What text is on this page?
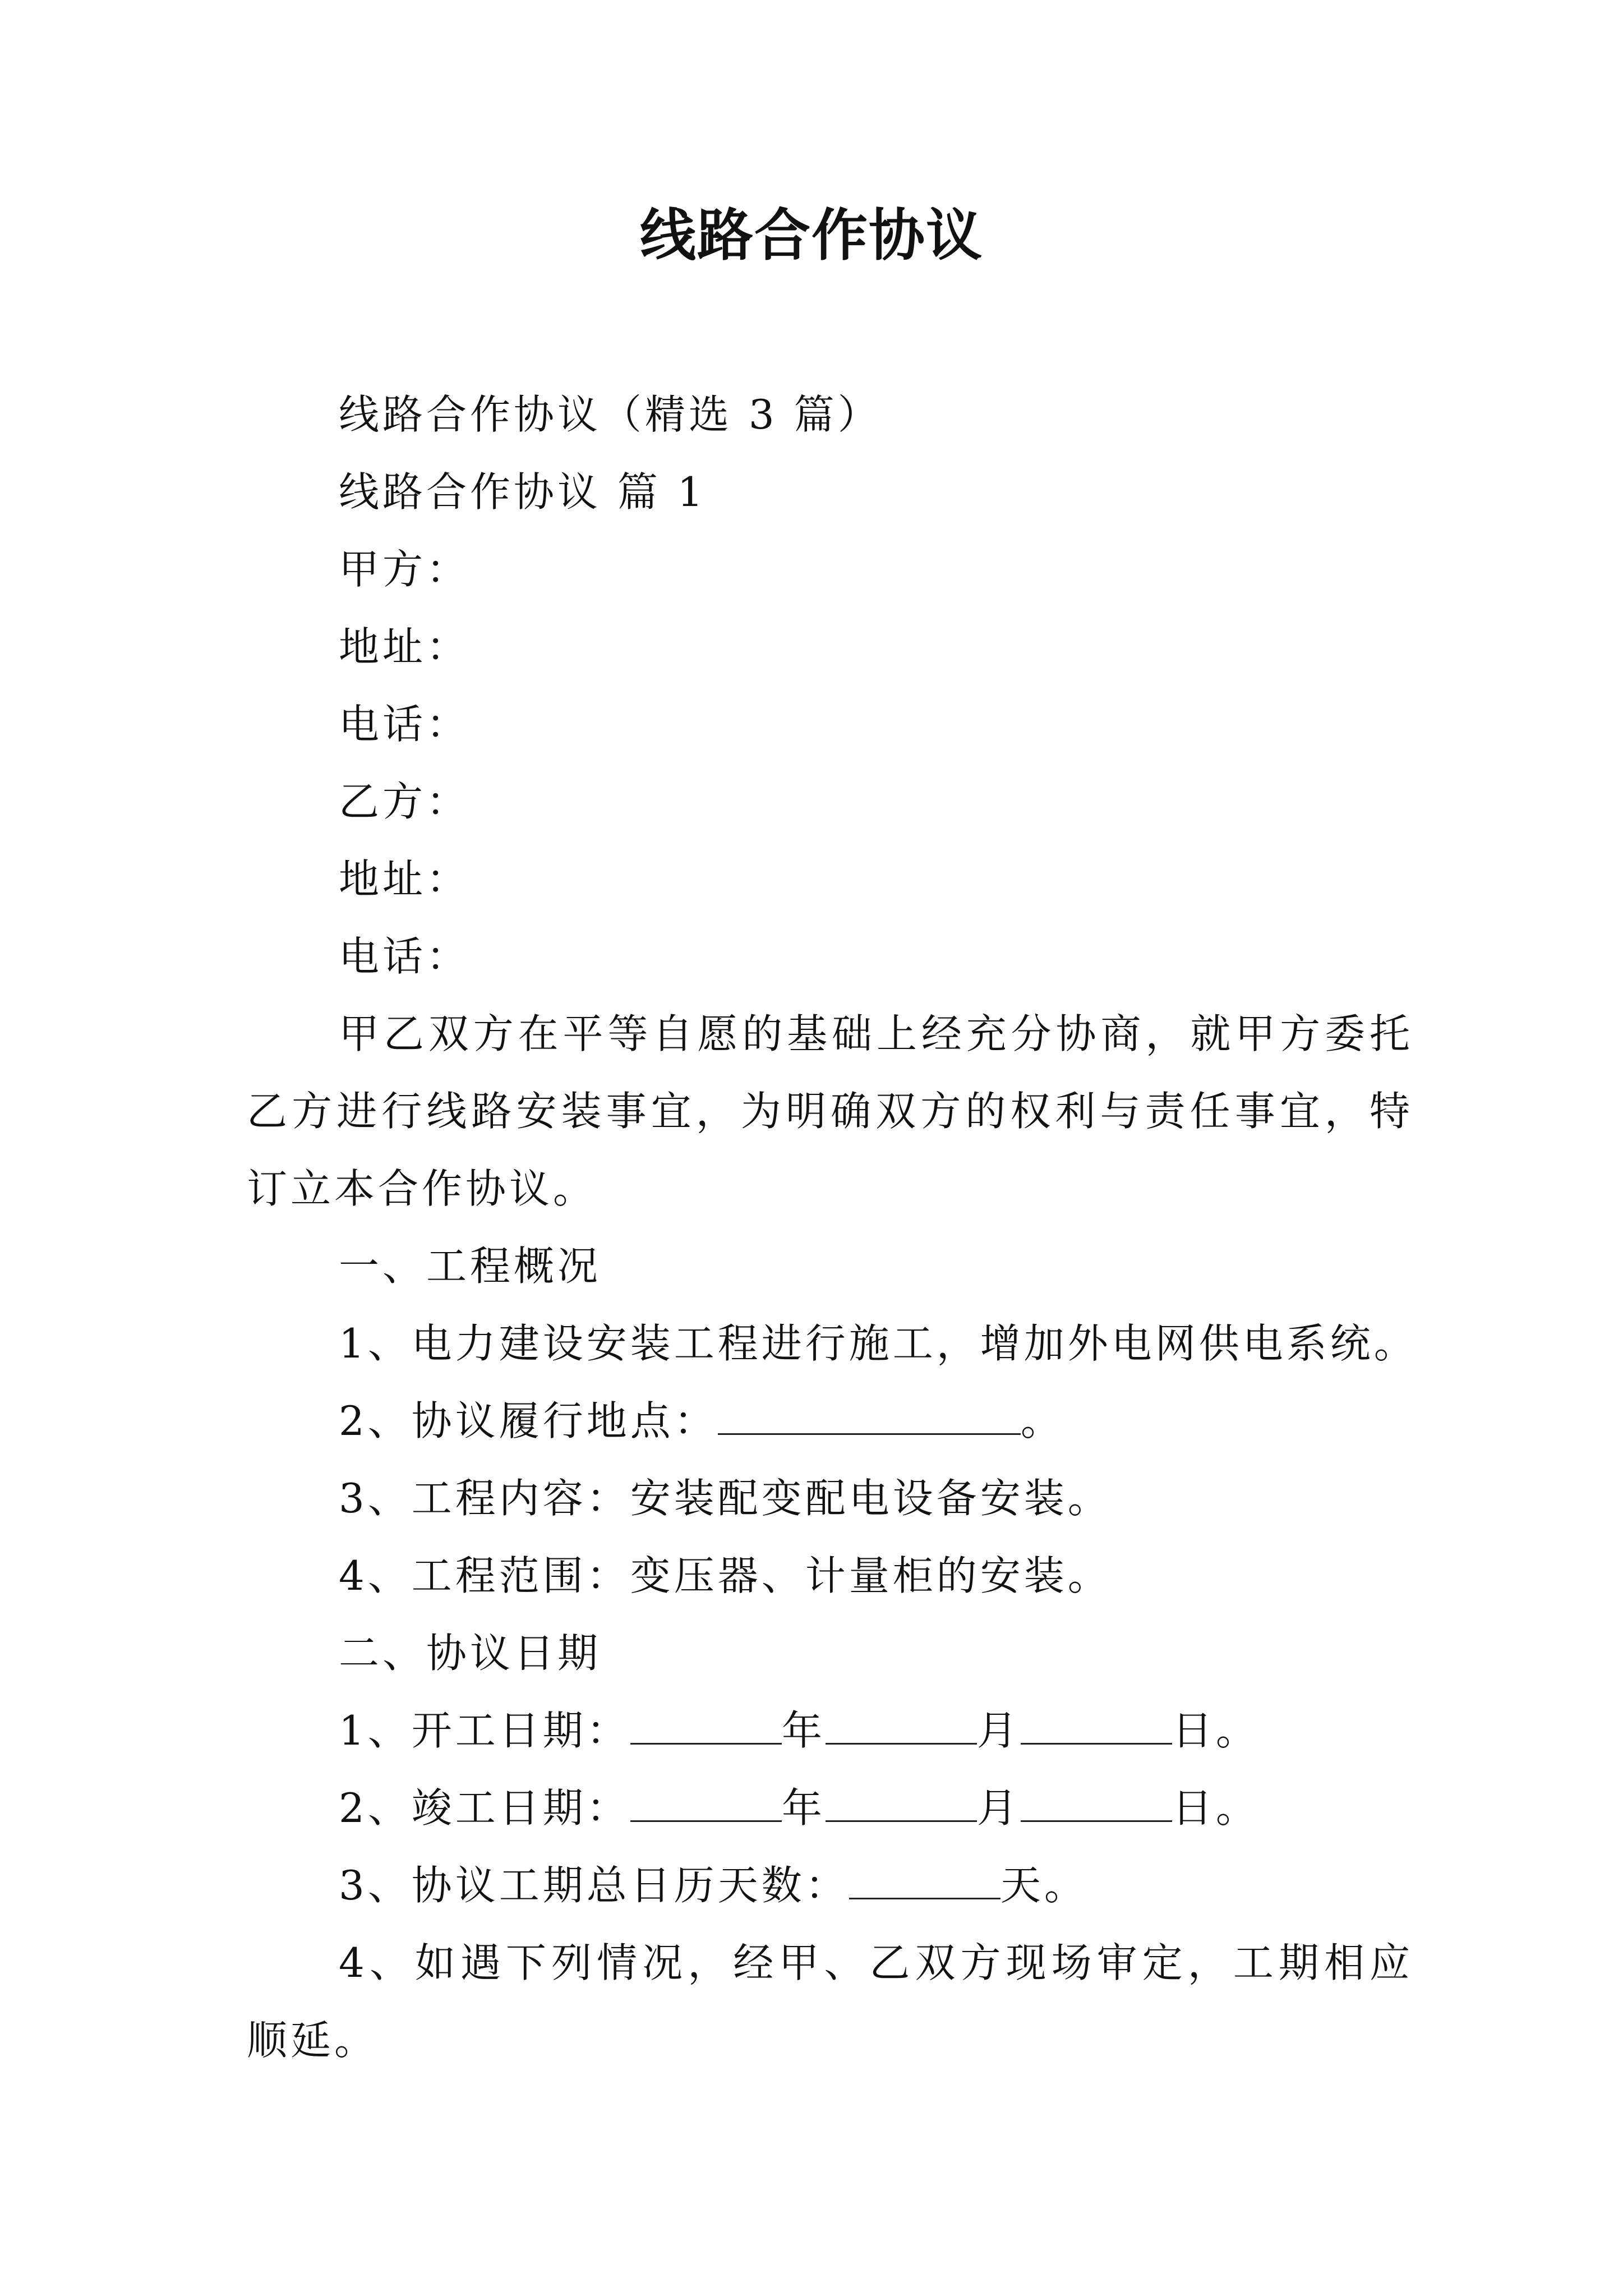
线路合作协议

线路合作协议（精选 3 篇）

线路合作协议 篇 1

甲方：

地址：

电话：

乙方：

地址：

电话：

甲乙双方在平等自愿的基础上经充分协商，就甲方委托乙方进行线路安装事宜，为明确双方的权利与责任事宜，特订立本合作协议。

一、工程概况

1、电力建设安装工程进行施工，增加外电网供电系统。

2、协议履行地点：	。

3、工程内容：安装配变配电设备安装。

4、工程范围：变压器、计量柜的安装。

二、协议日期

1、开工日期：	年	月	日。

2、竣工日期：	年	月	日。

3、协议工期总日历天数：	天。

4、如遇下列情况，经甲、乙双方现场审定，工期相应顺延。
